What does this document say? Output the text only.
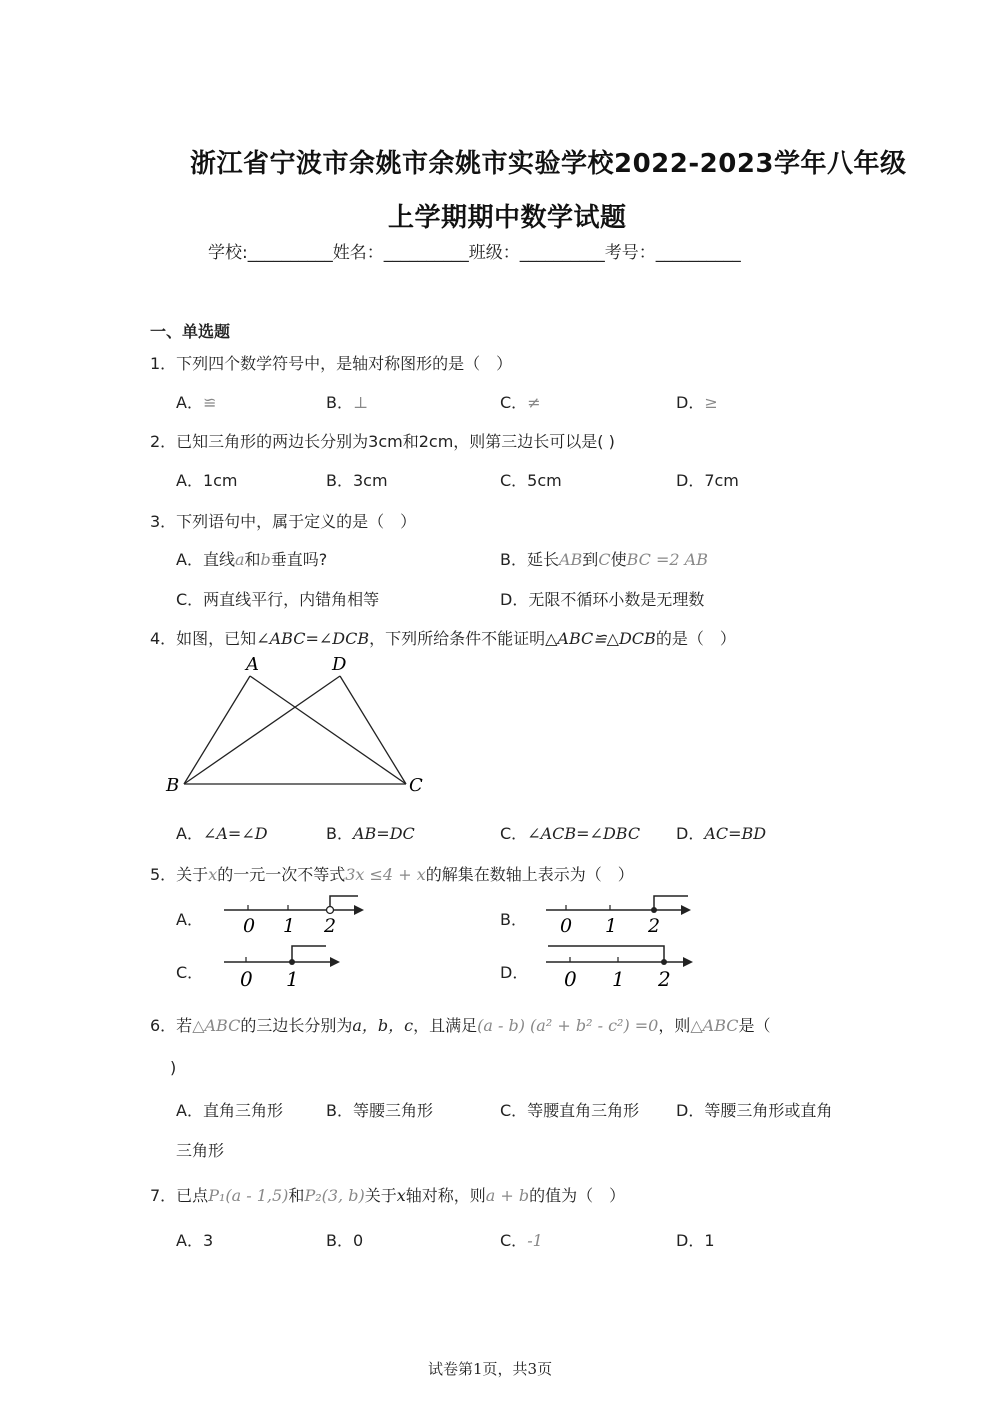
浙江省宁波市余姚市余姚市实验学校2022-2023学年八年级
上学期期中数学试题
学校:__________姓名：__________班级：__________考号：__________
一、单选题
1．下列四个数学符号中，是轴对称图形的是（　）
A．≌	B．⊥	C．≠	D．≥
2．已知三角形的两边长分别为3cm和2cm，则第三边长可以是( )
A．1cm	B．3cm	C．5cm	D．7cm
3．下列语句中，属于定义的是（　）
A．直线a和b垂直吗?	B．延长AB到C使BC =2 AB
C．两直线平行，内错角相等	D．无限不循环小数是无理数
4．如图，已知∠ABC=∠DCB，下列所给条件不能证明△ABC≌△DCB的是（　）
A	D
B	C
A．∠A=∠D	B．AB=DC	C．∠ACB=∠DBC D．AC=BD
5．关于x的一元一次不等式3x ≤4 + x的解集在数轴上表示为（　）
A． 0 1 2	B． 0 1 2
C． 0 1	D． 0 1 2
6．若△ABC的三边长分别为a，b，c，且满足(a - b) (a² + b² - c²) =0，则△ABC是（
)
A．直角三角形	B．等腰三角形	C．等腰直角三角形 D．等腰三角形或直角
三角形
7．已点P₁(a - 1,5)和P₂(3, b)关于x轴对称，则a + b的值为（　）
A．3	B．0	C．-1	D．1
试卷第1页，共3页
